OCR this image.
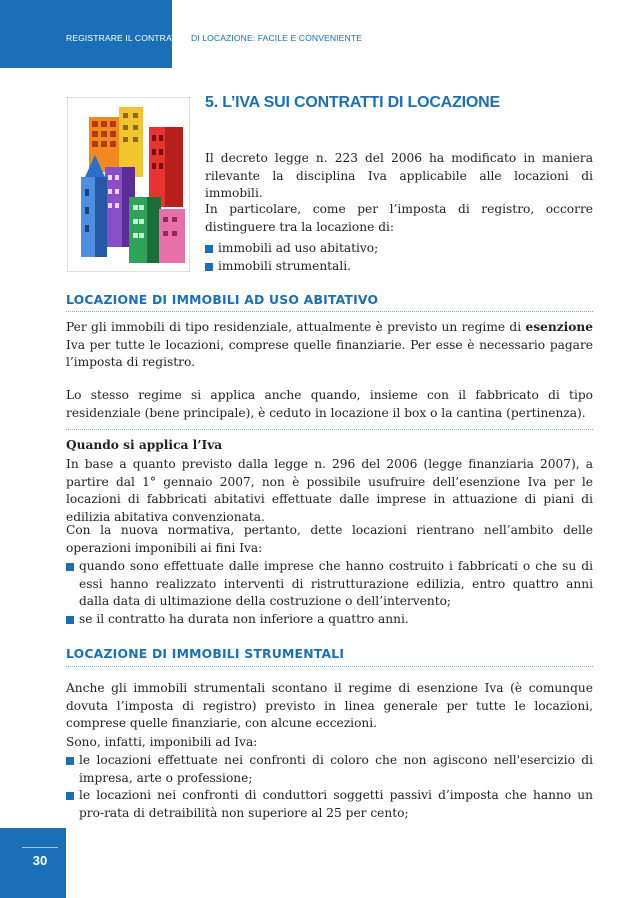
REGISTRARE IL CONTRATTO DI LOCAZIONE: FACILE E CONVENIENTE
5. L’IVA SUI CONTRATTI DI LOCAZIONE

Il decreto legge n. 223 del 2006 ha modificato in maniera rilevante la disciplina Iva applicabile alle locazioni di immobili.

In particolare, come per l’imposta di registro, occorre distinguere tra la locazione di:

immobili ad uso abitativo;
immobili strumentali.
LOCAZIONE DI IMMOBILI AD USO ABITATIVO

Per gli immobili di tipo residenziale, attualmente è previsto un regime di esenzione Iva per tutte le locazioni, comprese quelle finanziarie. Per esse è necessario pagare l’imposta di registro.

Lo stesso regime si applica anche quando, insieme con il fabbricato di tipo residenziale (bene principale), è ceduto in locazione il box o la cantina (pertinenza).

Quando si applica l’Iva

In base a quanto previsto dalla legge n. 296 del 2006 (legge finanziaria 2007), a partire dal 1° gennaio 2007, non è possibile usufruire dell’esenzione Iva per le locazioni di fabbricati abitativi effettuate dalle imprese in attuazione di piani di edilizia abitativa convenzionata.

Con la nuova normativa, pertanto, dette locazioni rientrano nell’ambito delle operazioni imponibili ai fini Iva:

quando sono effettuate dalle imprese che hanno costruito i fabbricati o che su di essi hanno realizzato interventi di ristrutturazione edilizia, entro quattro anni dalla data di ultimazione della costruzione o dell’intervento;
se il contratto ha durata non inferiore a quattro anni.
LOCAZIONE DI IMMOBILI STRUMENTALI

Anche gli immobili strumentali scontano il regime di esenzione Iva (è comunque dovuta l’imposta di registro) previsto in linea generale per tutte le locazioni, comprese quelle finanziarie, con alcune eccezioni.

Sono, infatti, imponibili ad Iva:

le locazioni effettuate nei confronti di coloro che non agiscono nell'esercizio di impresa, arte o professione;
le locazioni nei confronti di conduttori soggetti passivi d’imposta che hanno un pro-rata di detraibilità non superiore al 25 per cento;
30
